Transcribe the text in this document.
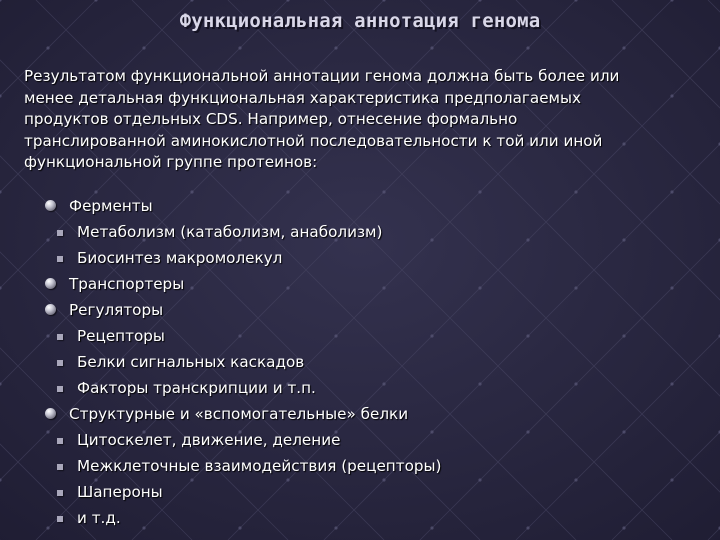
Функциональная аннотация генома

Результатом функциональной аннотации генома должна быть более или
менее детальная функциональная характеристика предполагаемых
продуктов отдельных CDS. Например, отнесение формально
транслированной аминокислотной последовательности к той или иной
функциональной группе протеинов:

Ферменты
Метаболизм (катаболизм, анаболизм)
Биосинтез макромолекул
Транспортеры
Регуляторы
Рецепторы
Белки сигнальных каскадов
Факторы транскрипции и т.п.
Структурные и «вспомогательные» белки
Цитоскелет, движение, деление
Межклеточные взаимодействия (рецепторы)
Шапероны
и т.д.
